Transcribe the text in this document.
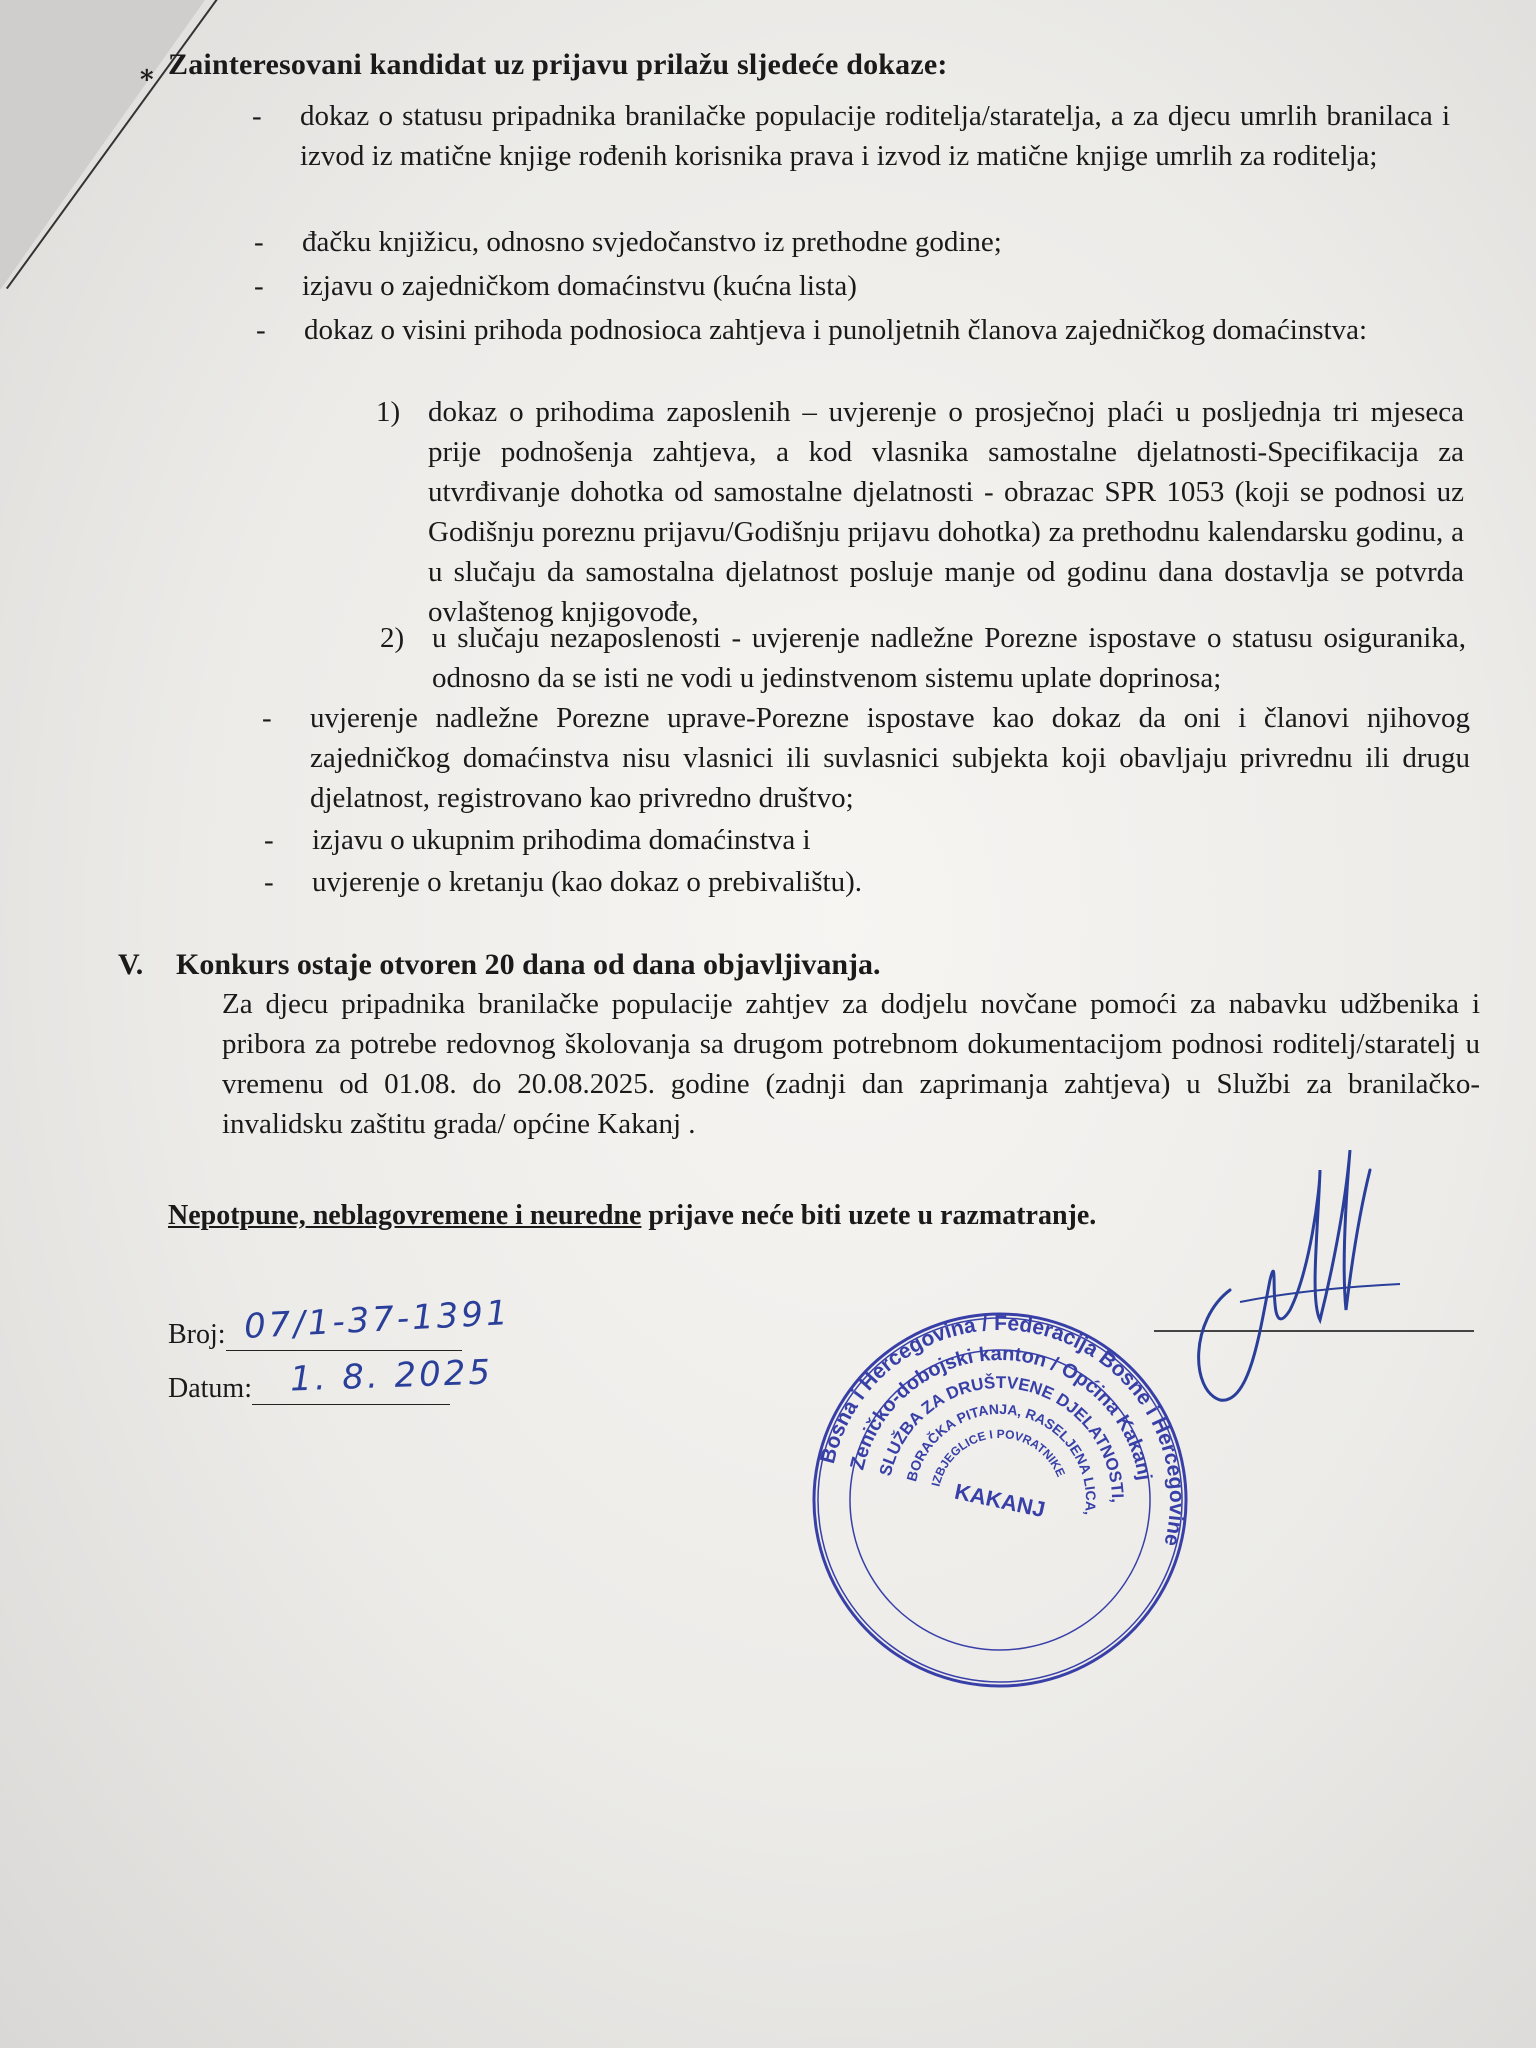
⁎ Zainteresovani kandidat uz prijavu prilažu sljedeće dokaze:
- dokaz o statusu pripadnika branilačke populacije roditelja/staratelja, a za djecu umrlih branilaca i izvod iz matične knjige rođenih korisnika prava i izvod iz matične knjige umrlih za roditelja;
- đačku knjižicu, odnosno svjedočanstvo iz prethodne godine;
- izjavu o zajedničkom domaćinstvu (kućna lista)
- dokaz o visini prihoda podnosioca zahtjeva i punoljetnih članova zajedničkog domaćinstva:
1) dokaz o prihodima zaposlenih – uvjerenje o prosječnoj plaći u posljednja tri mjeseca prije podnošenja zahtjeva, a kod vlasnika samostalne djelatnosti-Specifikacija za utvrđivanje dohotka od samostalne djelatnosti - obrazac SPR 1053 (koji se podnosi uz Godišnju poreznu prijavu/Godišnju prijavu dohotka) za prethodnu kalendarsku godinu, a u slučaju da samostalna djelatnost posluje manje od godinu dana dostavlja se potvrda ovlaštenog knjigovođe,
2) u slučaju nezaposlenosti - uvjerenje nadležne Porezne ispostave o statusu osiguranika, odnosno da se isti ne vodi u jedinstvenom sistemu uplate doprinosa;
- uvjerenje nadležne Porezne uprave-Porezne ispostave kao dokaz da oni i članovi njihovog zajedničkog domaćinstva nisu vlasnici ili suvlasnici subjekta koji obavljaju privrednu ili drugu djelatnost, registrovano kao privredno društvo;
- izjavu o ukupnim prihodima domaćinstva i
- uvjerenje o kretanju (kao dokaz o prebivalištu).
V. Konkurs ostaje otvoren 20 dana od dana objavljivanja.
Za djecu pripadnika branilačke populacije zahtjev za dodjelu novčane pomoći za nabavku udžbenika i pribora za potrebe redovnog školovanja sa drugom potrebnom dokumentacijom podnosi roditelj/staratelj u vremenu od 01.08. do 20.08.2025. godine (zadnji dan zaprimanja zahtjeva) u Službi za branilačko-invalidsku zaštitu grada/ općine Kakanj .
Nepotpune, neblagovremene i neuredne prijave neće biti uzete u razmatranje.
Broj: 07/1-37-1391
Datum:	1. 8. 2025
Bosna i Hercegovina / Federacija Bosne i Hercegovine
Zeničko-dobojski kanton / Općina Kakanj
SLUŽBA ZA DRUŠTVENE DJELATNOSTI,
BORAČKA PITANJA, RASELJENA LICA,
IZBJEGLICE I POVRATNIKE
KAKANJ
